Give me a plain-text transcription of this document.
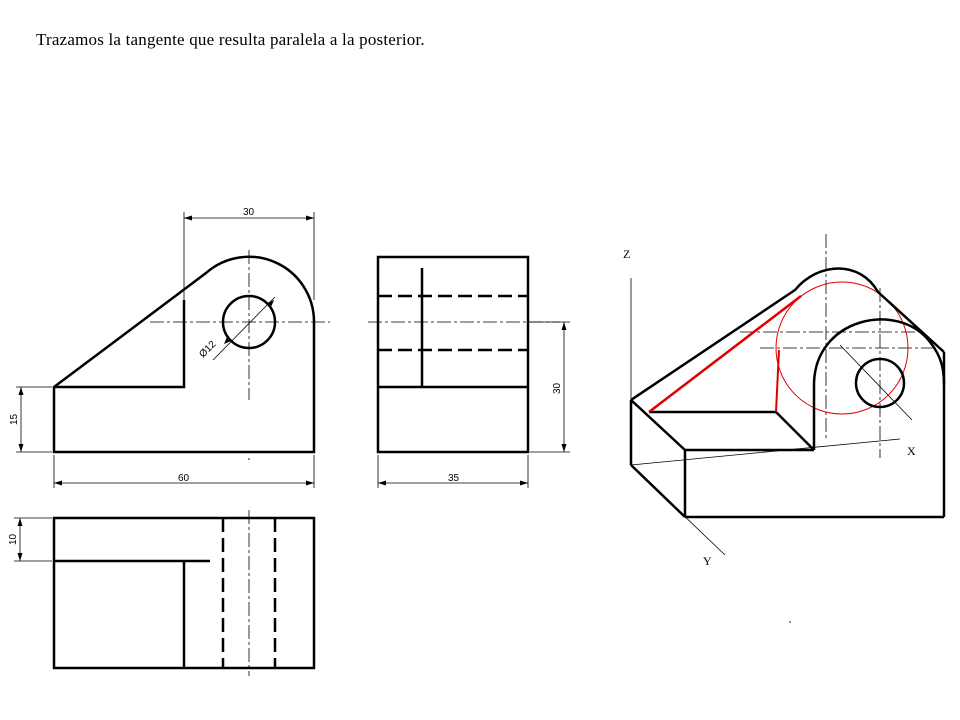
Trazamos la tangente que resulta paralela a la posterior.
Ø12
30
60
15
35
30
10
Z
X
Y
